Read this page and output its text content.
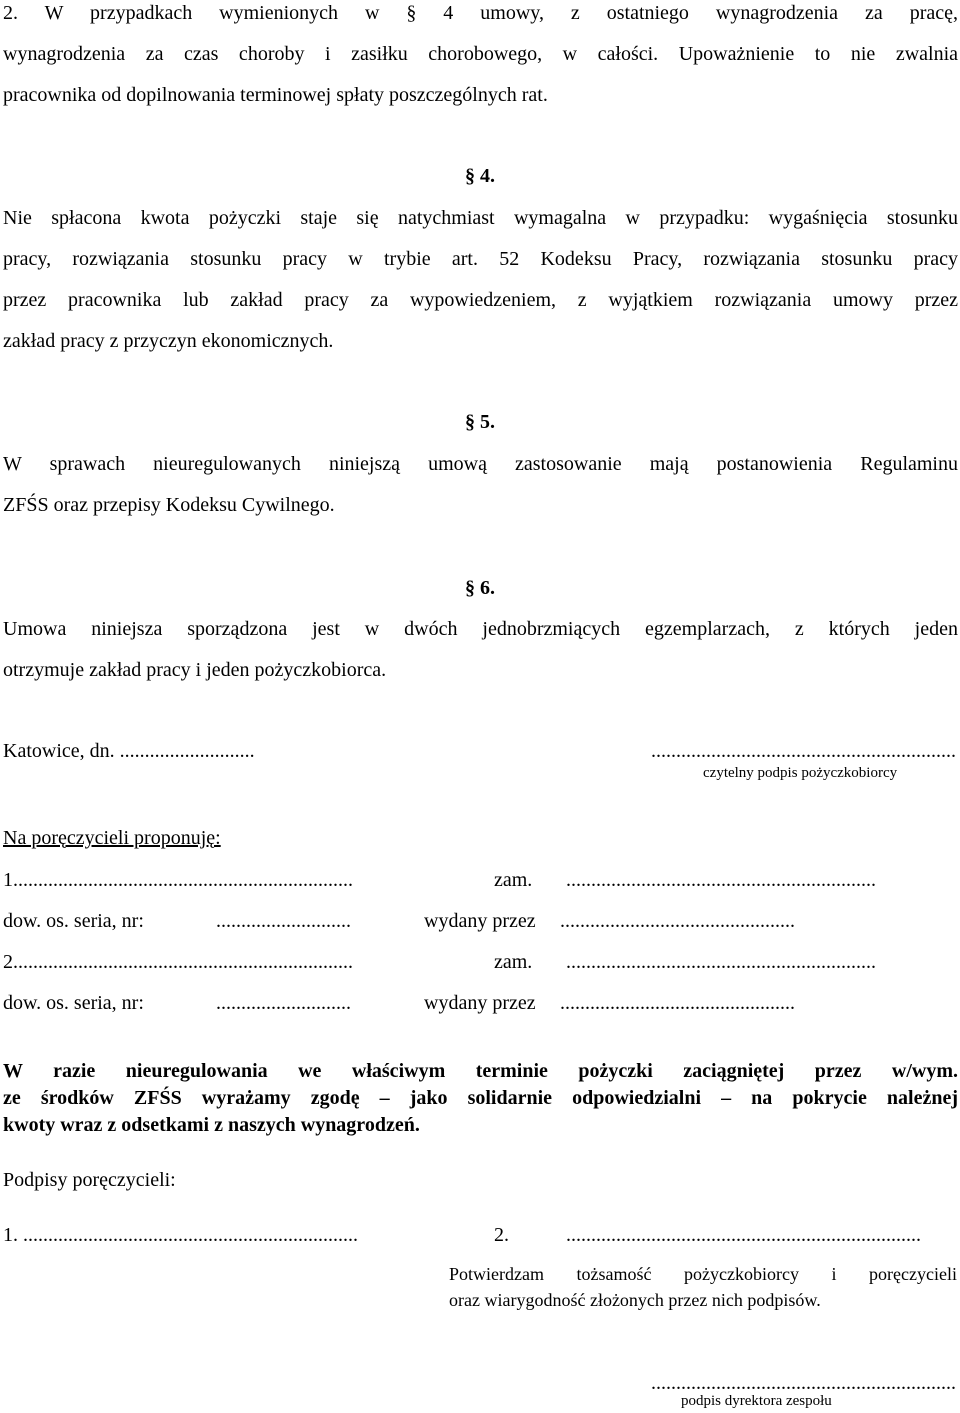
2. W przypadkach wymienionych w § 4 umowy, z ostatniego wynagrodzenia za pracę,
wynagrodzenia za czas choroby i zasiłku chorobowego, w całości. Upoważnienie to nie zwalnia
pracownika od dopilnowania terminowej spłaty poszczególnych rat.
§ 4.
Nie spłacona kwota pożyczki staje się natychmiast wymagalna w przypadku: wygaśnięcia stosunku
pracy, rozwiązania stosunku pracy w trybie art. 52 Kodeksu Pracy, rozwiązania stosunku pracy
przez pracownika lub zakład pracy za wypowiedzeniem, z wyjątkiem rozwiązania umowy przez
zakład pracy z przyczyn ekonomicznych.
§ 5.
W sprawach nieuregulowanych niniejszą umową zastosowanie mają postanowienia Regulaminu
ZFŚS oraz przepisy Kodeksu Cywilnego.
§ 6.
Umowa niniejsza sporządzona jest w dwóch jednobrzmiących egzemplarzach, z których jeden
otrzymuje zakład pracy i jeden pożyczkobiorca.
Katowice, dn. ...........................	.............................................................
czytelny podpis pożyczkobiorcy
Na poręczycieli proponuję:
1....................................................................	zam. ..............................................................
dow. os. seria, nr:	...........................	wydany przez ...............................................
2....................................................................	zam. ..............................................................
dow. os. seria, nr:	...........................	wydany przez ...............................................
W razie nieuregulowania we właściwym terminie pożyczki zaciągniętej przez w/wym.
ze środków ZFŚS wyrażamy zgodę – jako solidarnie odpowiedzialni – na pokrycie należnej
kwoty wraz z odsetkami z naszych wynagrodzeń.
Podpisy poręczycieli:
1. ...................................................................	2.	.......................................................................
Potwierdzam tożsamość pożyczkobiorcy i poręczycieli
oraz wiarygodność złożonych przez nich podpisów.
.............................................................
podpis dyrektora zespołu
